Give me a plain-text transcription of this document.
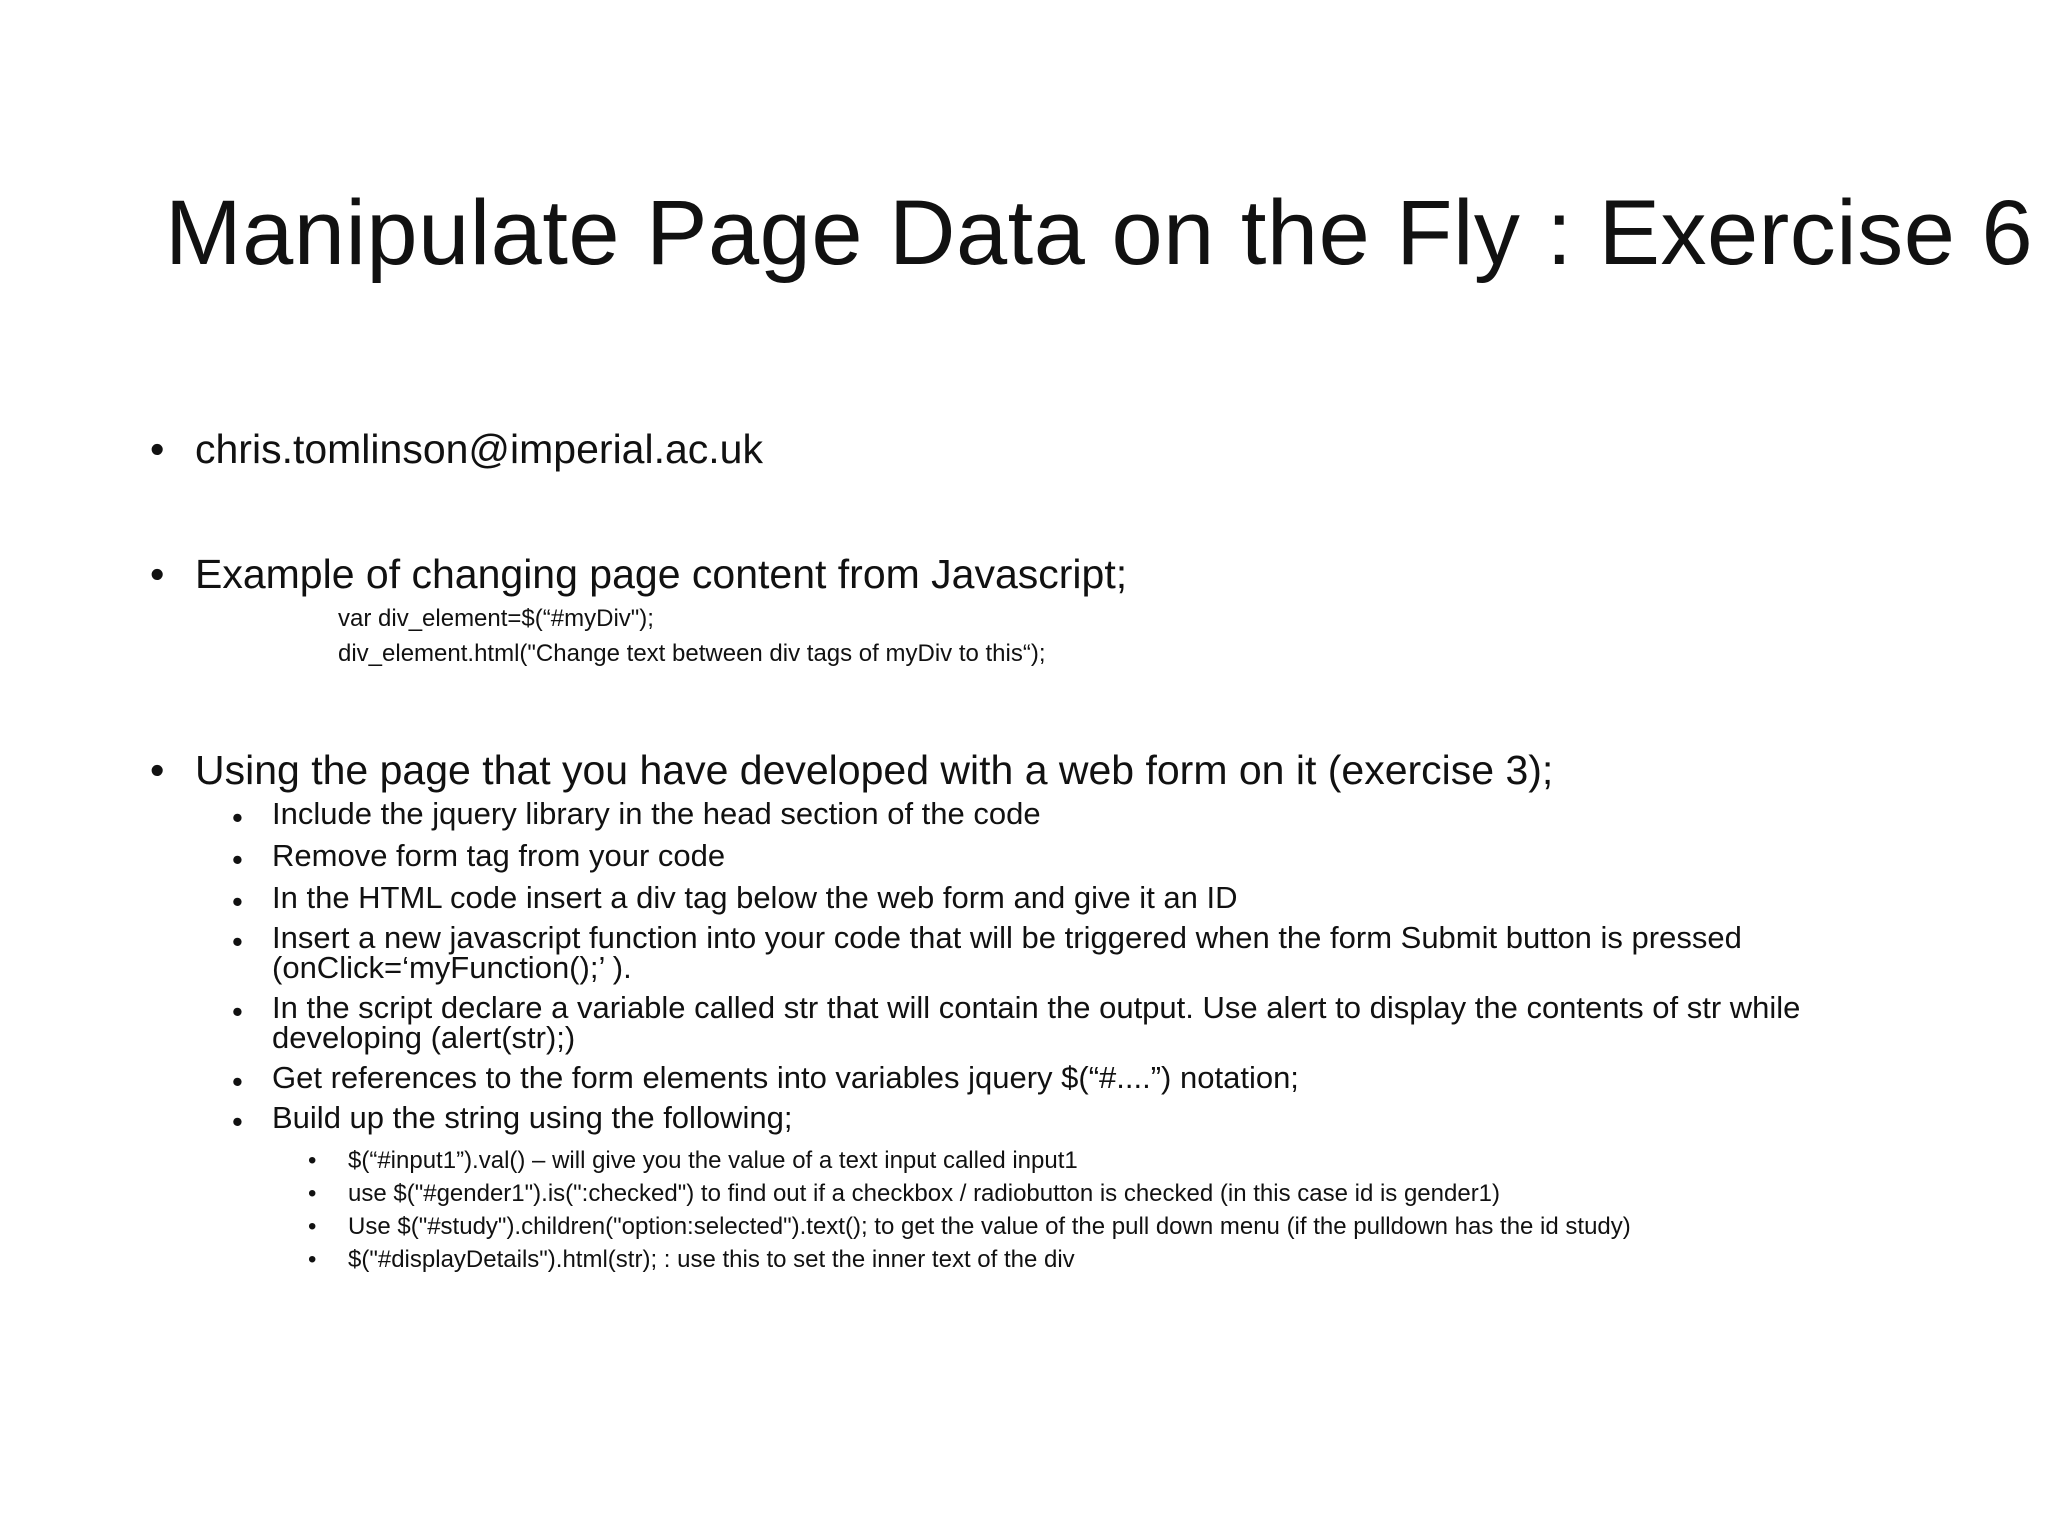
Manipulate Page Data on the Fly : Exercise 6
• chris.tomlinson@imperial.ac.uk
• Example of changing page content from Javascript;
var div_element=$(“#myDiv");
div_element.html("Change text between div tags of myDiv to this“);
• Using the page that you have developed with a web form on it (exercise 3);
• Include the jquery library in the head section of the code
• Remove form tag from your code
• In the HTML code insert a div tag below the web form and give it an ID
• Insert a new javascript function into your code that will be triggered when the form Submit button is pressed (onClick=‘myFunction();’ ).
• In the script declare a variable called str that will contain the output. Use alert to display the contents of str while developing (alert(str);)
• Get references to the form elements into variables jquery $(“#....”) notation;
• Build up the string using the following;
•	$(“#input1”).val() – will give you the value of a text input called input1
•	use $("#gender1").is(":checked") to find out if a checkbox / radiobutton is checked (in this case id is gender1)
•	Use $("#study").children("option:selected").text(); to get the value of the pull down menu (if the pulldown has the id study)
•	$("#displayDetails").html(str); : use this to set the inner text of the div
